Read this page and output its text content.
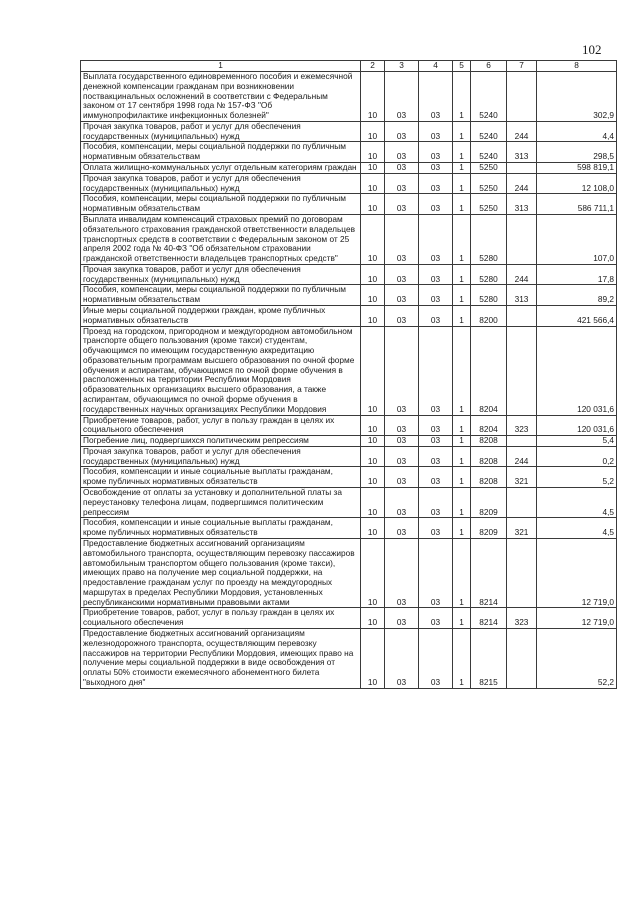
102
1	2	3	4	5	6	7	8
Выплата государственного единовременного пособия и ежемесячной денежной компенсации гражданам при возникновении поствакцинальных осложнений в соответствии с Федеральным законом от 17 сентября 1998 года № 157-ФЗ "Об иммунопрофилактике инфекционных болезней"	10	03	03	1	5240		302,9
Прочая закупка товаров, работ и услуг для обеспечения государственных (муниципальных) нужд	10	03	03	1	5240	244	4,4
Пособия, компенсации, меры социальной поддержки по публичным нормативным обязательствам	10	03	03	1	5240	313	298,5
Оплата жилищно-коммунальных услуг отдельным категориям граждан	10	03	03	1	5250		598 819,1
Прочая закупка товаров, работ и услуг для обеспечения государственных (муниципальных) нужд	10	03	03	1	5250	244	12 108,0
Пособия, компенсации, меры социальной поддержки по публичным нормативным обязательствам	10	03	03	1	5250	313	586 711,1
Выплата инвалидам компенсаций страховых премий по договорам обязательного страхования гражданской ответственности владельцев транспортных средств в соответствии с Федеральным законом от 25 апреля 2002 года № 40-ФЗ "Об обязательном страховании гражданской ответственности владельцев транспортных средств"	10	03	03	1	5280		107,0
Прочая закупка товаров, работ и услуг для обеспечения государственных (муниципальных) нужд	10	03	03	1	5280	244	17,8
Пособия, компенсации, меры социальной поддержки по публичным нормативным обязательствам	10	03	03	1	5280	313	89,2
Иные меры социальной поддержки граждан, кроме публичных нормативных обязательств	10	03	03	1	8200		421 566,4
Проезд на городском, пригородном и междугородном автомобильном транспорте общего пользования (кроме такси) студентам, обучающимся по имеющим государственную аккредитацию образовательным программам высшего образования по очной форме обучения и аспирантам, обучающимся по очной форме обучения в расположенных на территории Республики Мордовия образовательных организациях высшего образования, а также аспирантам, обучающимся по очной форме обучения в государственных научных организациях Республики Мордовия	10	03	03	1	8204		120 031,6
Приобретение товаров, работ, услуг в пользу граждан в целях их социального обеспечения	10	03	03	1	8204	323	120 031,6
Погребение лиц, подвергшихся политическим репрессиям	10	03	03	1	8208		5,4
Прочая закупка товаров, работ и услуг для обеспечения государственных (муниципальных) нужд	10	03	03	1	8208	244	0,2
Пособия, компенсации и иные социальные выплаты гражданам, кроме публичных нормативных обязательств	10	03	03	1	8208	321	5,2
Освобождение от оплаты за установку и дополнительной платы за переустановку телефона лицам, подвергшимся политическим репрессиям	10	03	03	1	8209		4,5
Пособия, компенсации и иные социальные выплаты гражданам, кроме публичных нормативных обязательств	10	03	03	1	8209	321	4,5
Предоставление бюджетных ассигнований организациям автомобильного транспорта, осуществляющим перевозку пассажиров автомобильным транспортом общего пользования (кроме такси), имеющих право на получение мер социальной поддержки, на предоставление гражданам услуг по проезду на междугородных маршрутах в пределах Республики Мордовия, установленных республиканскими нормативными правовыми актами	10	03	03	1	8214		12 719,0
Приобретение товаров, работ, услуг в пользу граждан в целях их социального обеспечения	10	03	03	1	8214	323	12 719,0
Предоставление бюджетных ассигнований организациям железнодорожного транспорта, осуществляющим перевозку пассажиров на территории Республики Мордовия, имеющих право на получение меры социальной поддержки в виде освобождения от оплаты 50% стоимости ежемесячного абонементного билета "выходного дня"	10	03	03	1	8215		52,2
